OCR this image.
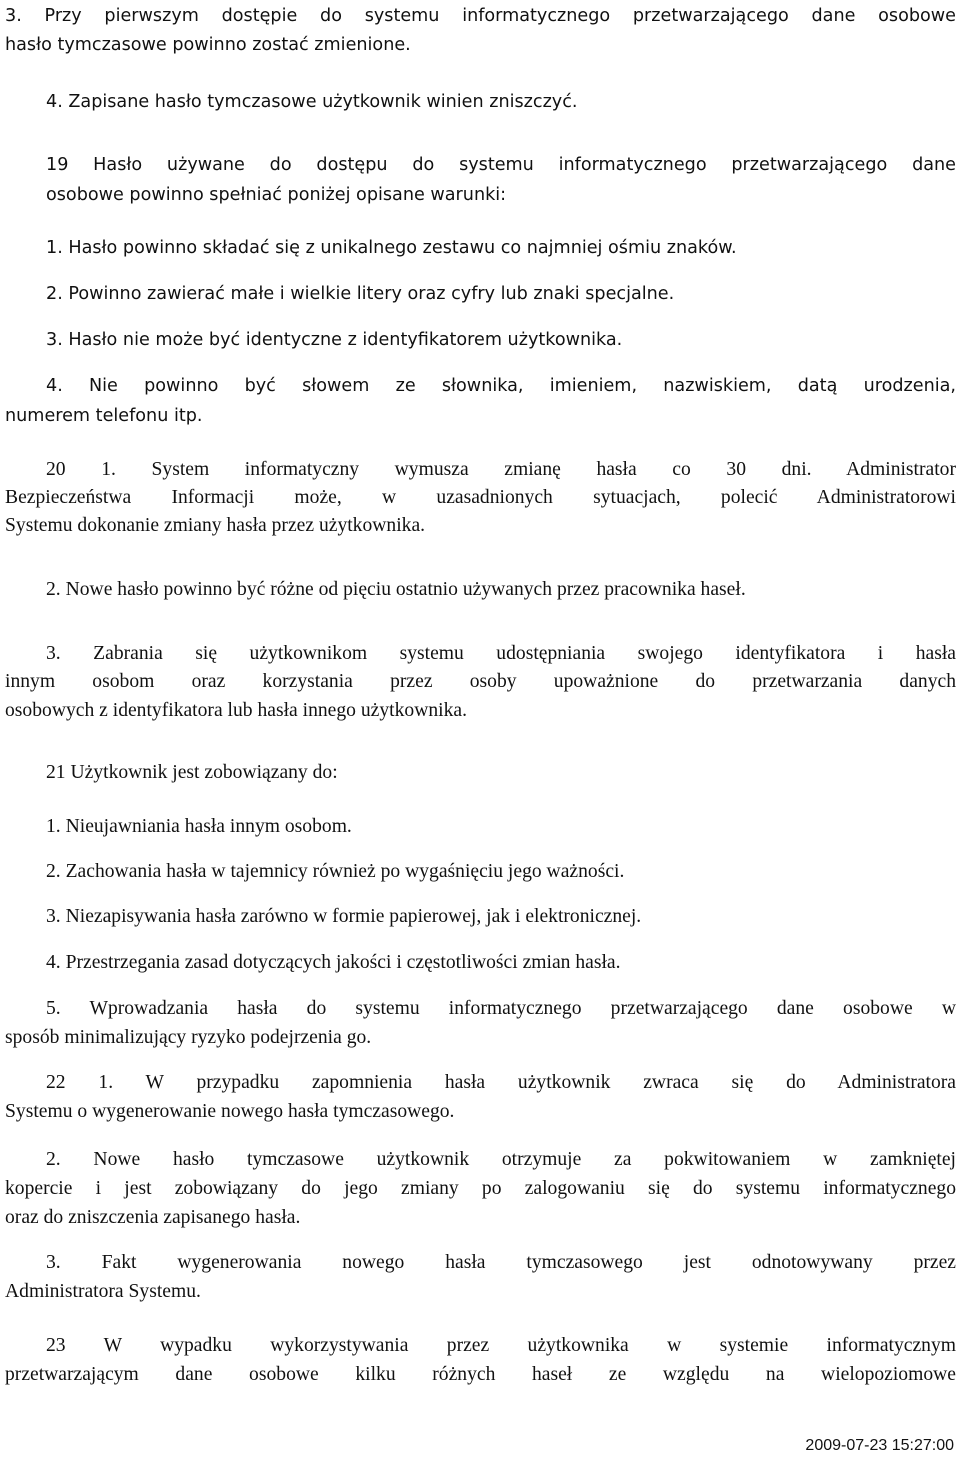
3. Przy pierwszym dostępie do systemu informatycznego przetwarzającego dane osobowe
hasło tymczasowe powinno zostać zmienione.
4. Zapisane hasło tymczasowe użytkownik winien zniszczyć.
19 Hasło używane do dostępu do systemu informatycznego przetwarzającego dane
osobowe powinno spełniać poniżej opisane warunki:
1. Hasło powinno składać się z unikalnego zestawu co najmniej ośmiu znaków.
2. Powinno zawierać małe i wielkie litery oraz cyfry lub znaki specjalne.
3. Hasło nie może być identyczne z identyfikatorem użytkownika.
4. Nie powinno być słowem ze słownika, imieniem, nazwiskiem, datą urodzenia,
numerem telefonu itp.
20 1. System informatyczny wymusza zmianę hasła co 30 dni. Administrator
Bezpieczeństwa Informacji może, w uzasadnionych sytuacjach, polecić Administratorowi
Systemu dokonanie zmiany hasła przez użytkownika.
2. Nowe hasło powinno być różne od pięciu ostatnio używanych przez pracownika haseł.
3. Zabrania się użytkownikom systemu udostępniania swojego identyfikatora i hasła
innym osobom oraz korzystania przez osoby upoważnione do przetwarzania danych
osobowych z identyfikatora lub hasła innego użytkownika.
21 Użytkownik jest zobowiązany do:
1. Nieujawniania hasła innym osobom.
2. Zachowania hasła w tajemnicy również po wygaśnięciu jego ważności.
3. Niezapisywania hasła zarówno w formie papierowej, jak i elektronicznej.
4. Przestrzegania zasad dotyczących jakości i częstotliwości zmian hasła.
5. Wprowadzania hasła do systemu informatycznego przetwarzającego dane osobowe w
sposób minimalizujący ryzyko podejrzenia go.
22 1. W przypadku zapomnienia hasła użytkownik zwraca się do Administratora
Systemu o wygenerowanie nowego hasła tymczasowego.
2. Nowe hasło tymczasowe użytkownik otrzymuje za pokwitowaniem w zamkniętej
kopercie i jest zobowiązany do jego zmiany po zalogowaniu się do systemu informatycznego
oraz do zniszczenia zapisanego hasła.
3. Fakt wygenerowania nowego hasła tymczasowego jest odnotowywany przez
Administratora Systemu.
23 W wypadku wykorzystywania przez użytkownika w systemie informatycznym
przetwarzającym dane osobowe kilku różnych haseł ze względu na wielopoziomowe
2009-07-23 15:27:00
